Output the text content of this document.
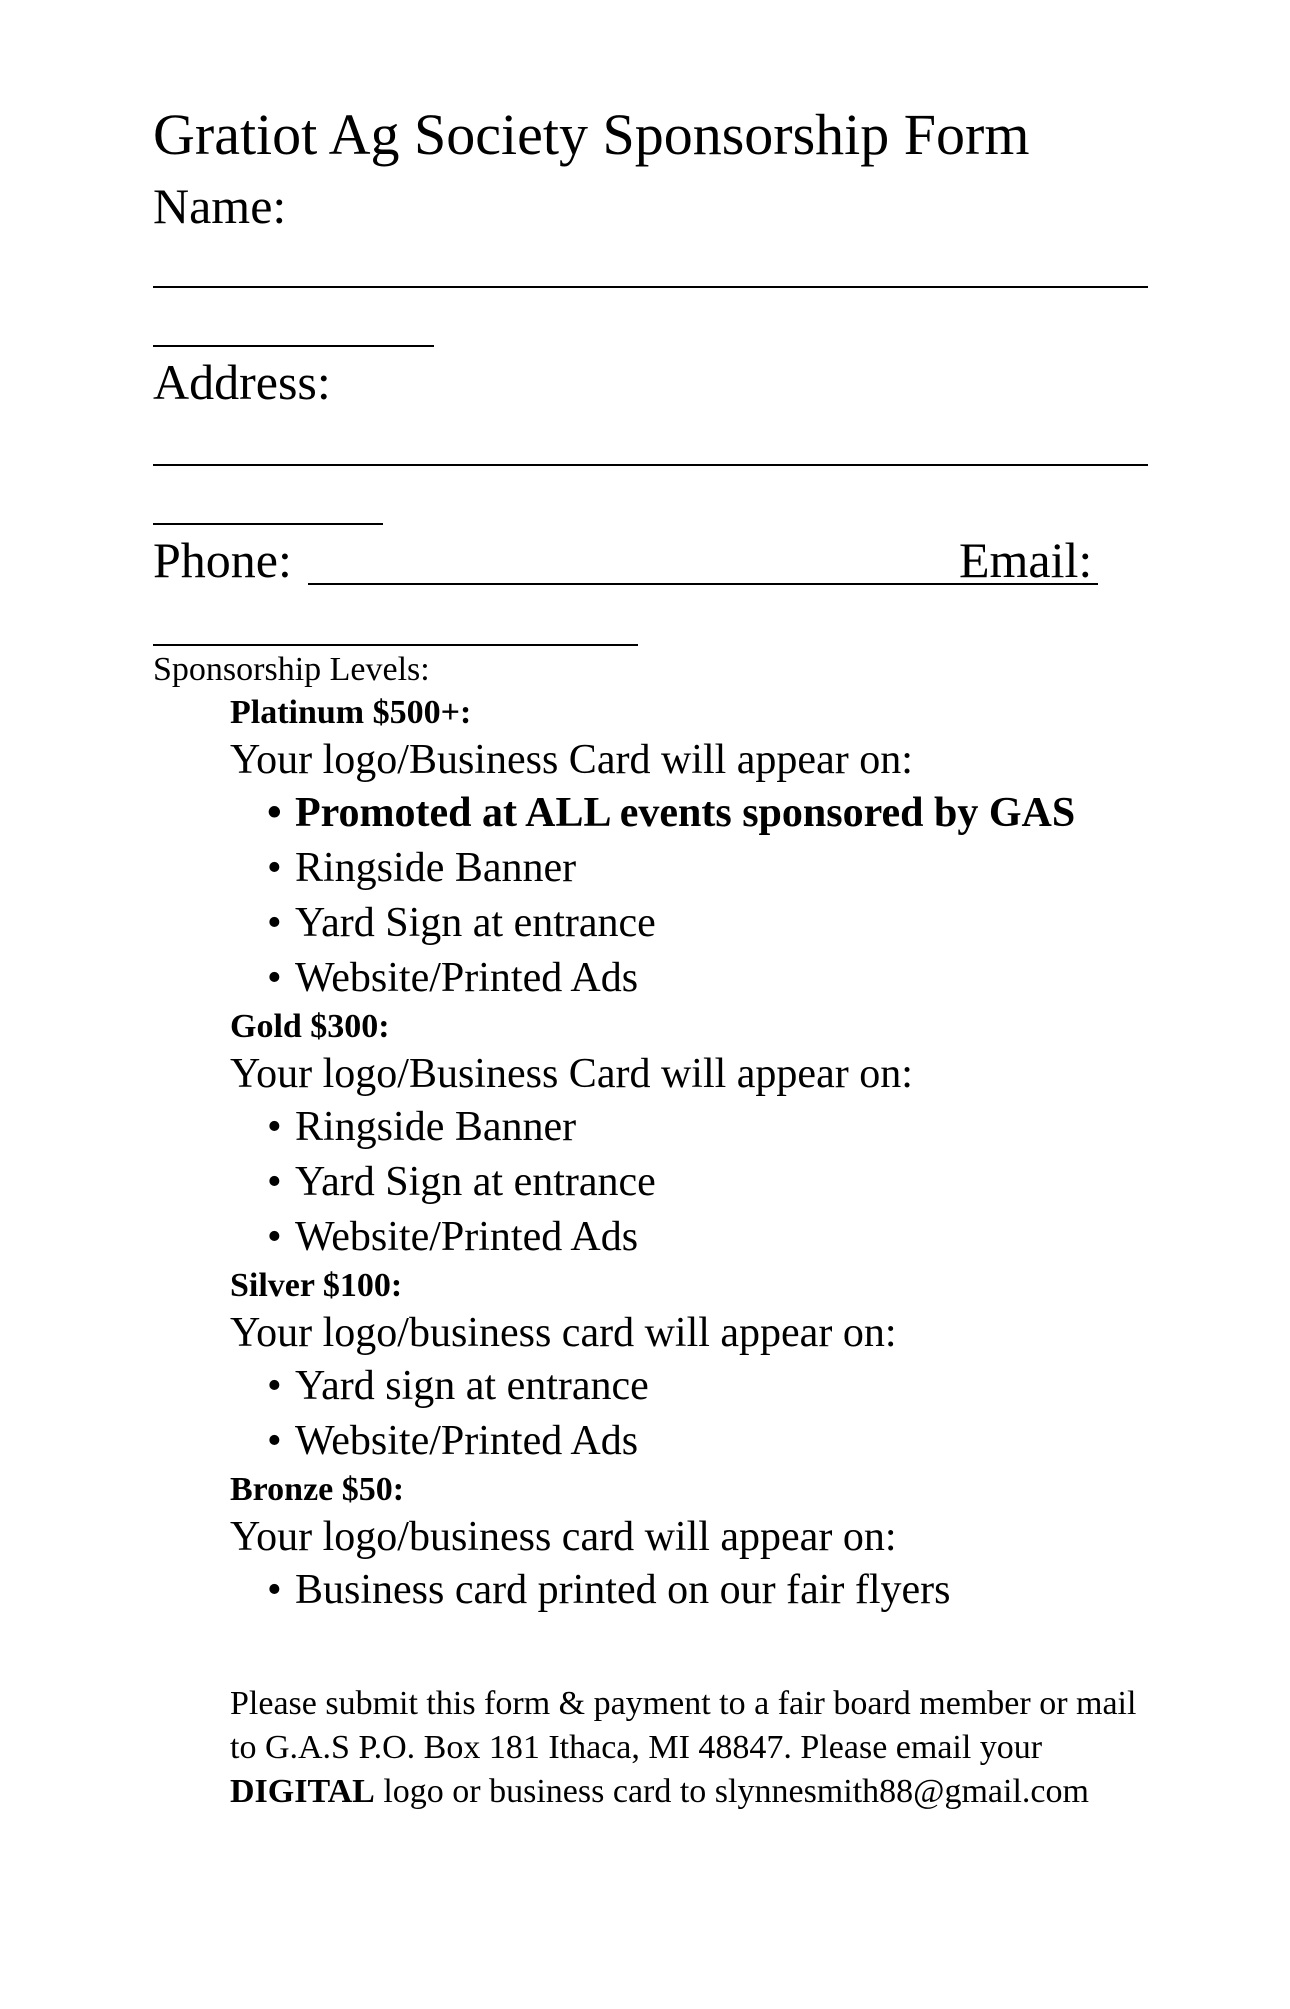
Gratiot Ag Society Sponsorship Form
Name:
Address:
Phone:	Email:
Sponsorship Levels:
Platinum $500+:
Your logo/Business Card will appear on:
• Promoted at ALL events sponsored by GAS
• Ringside Banner
• Yard Sign at entrance
• Website/Printed Ads
Gold $300:
Your logo/Business Card will appear on:
• Ringside Banner
• Yard Sign at entrance
• Website/Printed Ads
Silver $100:
Your logo/business card will appear on:
• Yard sign at entrance
• Website/Printed Ads
Bronze $50:
Your logo/business card will appear on:
• Business card printed on our fair flyers
Please submit this form & payment to a fair board member or mail to G.A.S P.O. Box 181 Ithaca, MI 48847. Please email your DIGITAL logo or business card to slynnesmith88@gmail.com
